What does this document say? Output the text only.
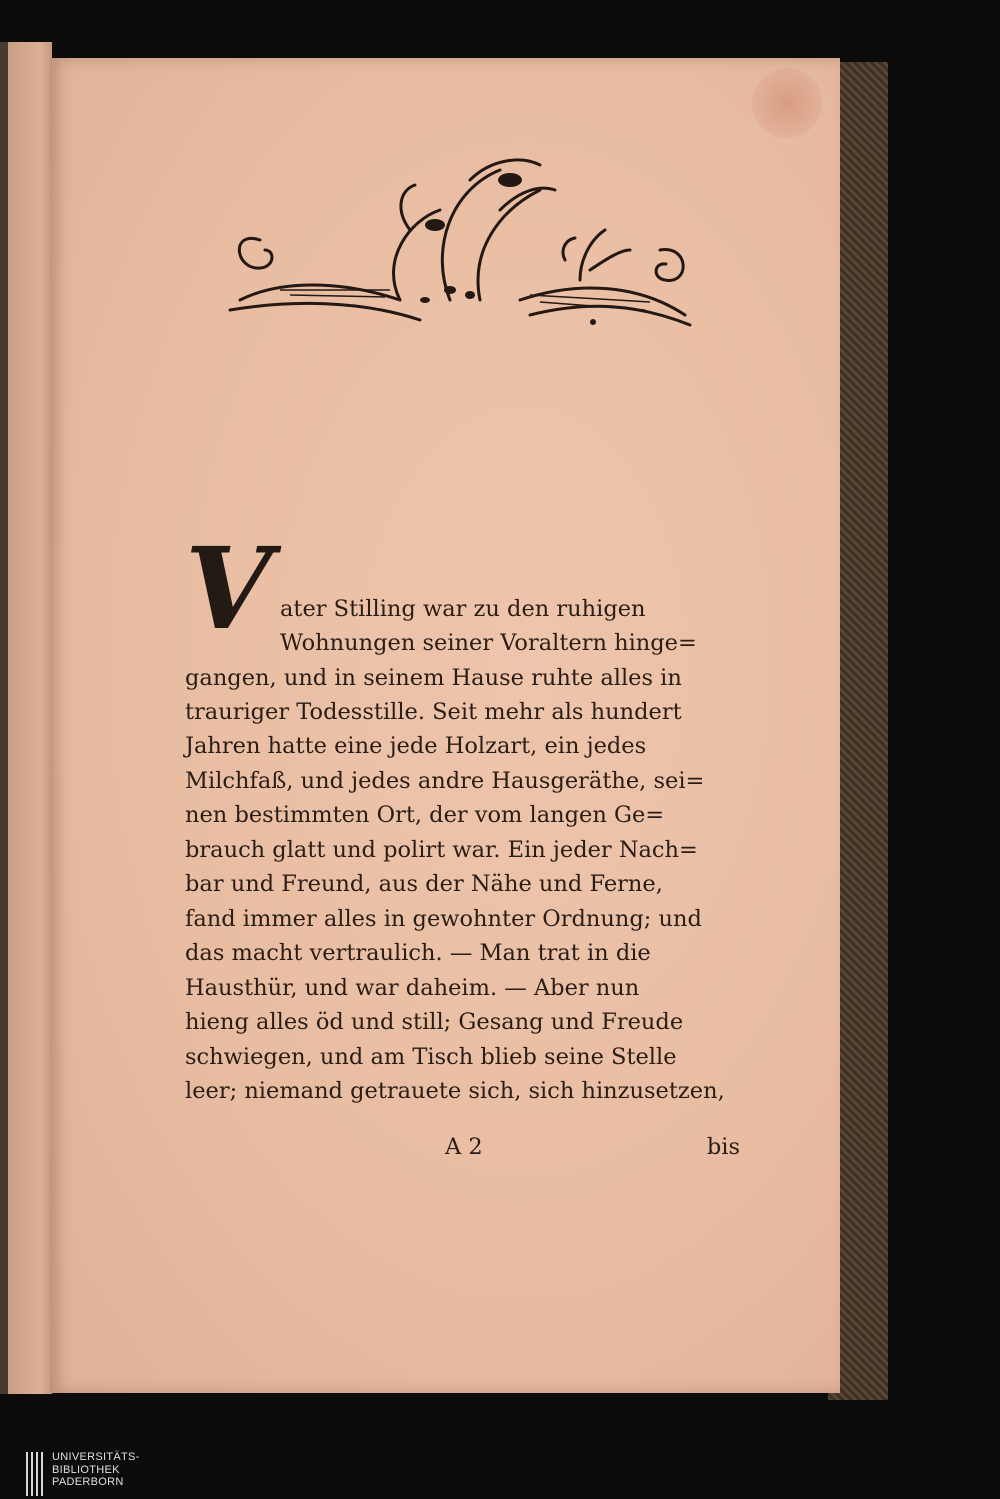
V ater Stilling war zu den ruhigen
Wohnungen seiner Voraltern hinge=
gangen, und in seinem Hause ruhte alles in
trauriger Todesstille. Seit mehr als hundert
Jahren hatte eine jede Holzart, ein jedes
Milchfaß, und jedes andre Hausgeräthe, sei=
nen bestimmten Ort, der vom langen Ge=
brauch glatt und polirt war. Ein jeder Nach=
bar und Freund, aus der Nähe und Ferne,
fand immer alles in gewohnter Ordnung; und
das macht vertraulich. — Man trat in die
Hausthür, und war daheim. — Aber nun
hieng alles öd und still; Gesang und Freude
schwiegen, und am Tisch blieb seine Stelle
leer; niemand getrauete sich, sich hinzusetzen,
A 2	bis
UNIVERSITÄTS-
BIBLIOTHEK
PADERBORN
